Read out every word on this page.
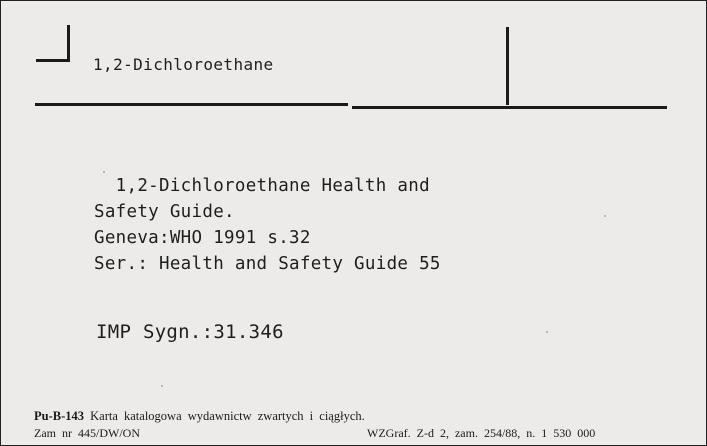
1,2-Dichloroethane
1,2-Dichloroethane Health and
Safety Guide.
Geneva:WHO 1991 s.32
Ser.: Health and Safety Guide 55
IMP Sygn.:31.346
Pu-B-143 Karta katalogowa wydawnictw zwartych i ciągłych.
Zam nr 445/DW/ON	WZGraf. Z-d 2, zam. 254/88, n. 1 530 000
